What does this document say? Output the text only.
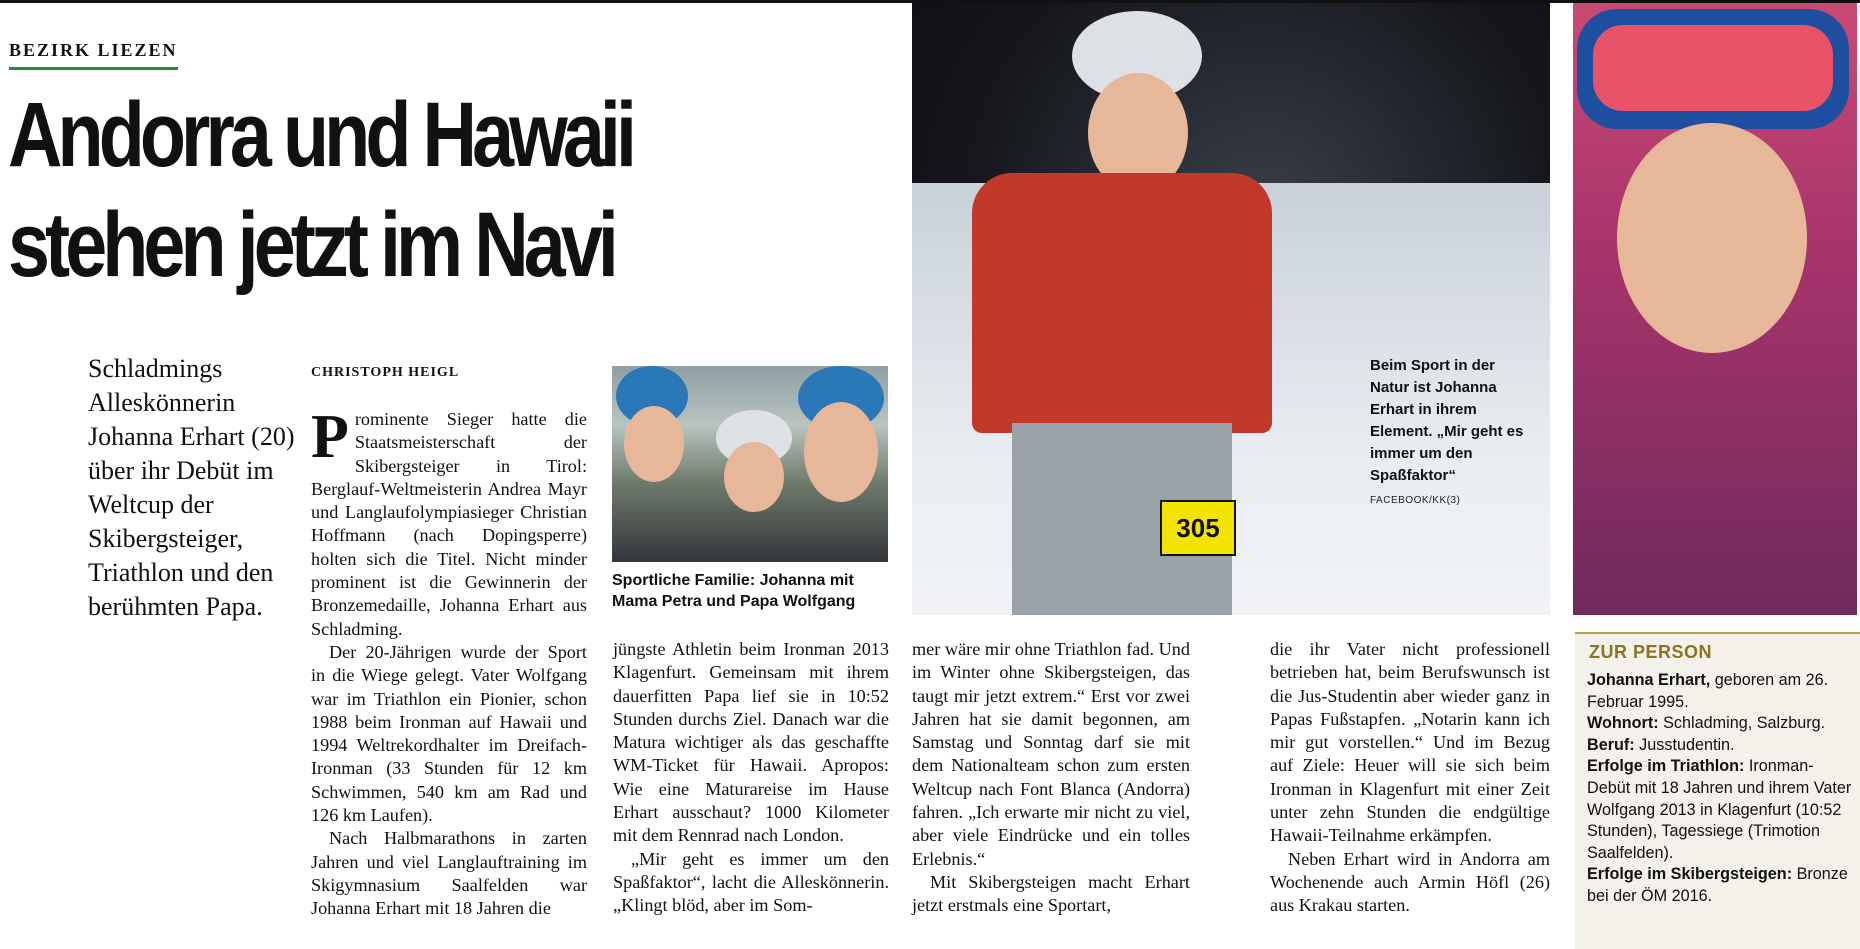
BEZIRK LIEZEN
Andorra und Hawaii
stehen jetzt im Navi
Schladmings Alleskönnerin Johanna Erhart (20) über ihr Debüt im Weltcup der Skibergsteiger, Triathlon und den berühmten Papa.
CHRISTOPH HEIGL

Prominente Sieger hatte die Staatsmeisterschaft der Skibergsteiger in Tirol: Berglauf-Weltmeisterin Andrea Mayr und Langlaufolympiasieger Christian Hoffmann (nach Dopingsperre) holten sich die Titel. Nicht minder prominent ist die Gewinnerin der Bronzemedaille, Johanna Erhart aus Schladming.

Der 20-Jährigen wurde der Sport in die Wiege gelegt. Vater Wolfgang war im Triathlon ein Pionier, schon 1988 beim Ironman auf Hawaii und 1994 Weltrekordhalter im Dreifach-Ironman (33 Stunden für 12 km Schwimmen, 540 km am Rad und 126 km Laufen).

Nach Halbmarathons in zarten Jahren und viel Langlauftraining im Skigymnasium Saalfelden war Johanna Erhart mit 18 Jahren die

Sportliche Familie: Johanna mit Mama Petra und Papa Wolfgang
305
Beim Sport in der Natur ist Johanna Erhart in ihrem Element. „Mir geht es immer um den Spaßfaktor“
FACEBOOK/KK(3)

jüngste Athletin beim Ironman 2013 Klagenfurt. Gemeinsam mit ihrem dauerfitten Papa lief sie in 10:52 Stunden durchs Ziel. Danach war die Matura wichtiger als das geschaffte WM-Ticket für Hawaii. Apropos: Wie eine Maturareise im Hause Erhart ausschaut? 1000 Kilometer mit dem Rennrad nach London.

„Mir geht es immer um den Spaßfaktor“, lacht die Alleskönnerin. „Klingt blöd, aber im Som-

mer wäre mir ohne Triathlon fad. Und im Winter ohne Skibergsteigen, das taugt mir jetzt extrem.“ Erst vor zwei Jahren hat sie damit begonnen, am Samstag und Sonntag darf sie mit dem Nationalteam schon zum ersten Weltcup nach Font Blanca (Andorra) fahren. „Ich erwarte mir nicht zu viel, aber viele Eindrücke und ein tolles Erlebnis.“

Mit Skibergsteigen macht Erhart jetzt erstmals eine Sportart,

die ihr Vater nicht professionell betrieben hat, beim Berufswunsch ist die Jus-Studentin aber wieder ganz in Papas Fußstapfen. „Notarin kann ich mir gut vorstellen.“ Und im Bezug auf Ziele: Heuer will sie sich beim Ironman in Klagenfurt mit einer Zeit unter zehn Stunden die endgültige Hawaii-Teilnahme erkämpfen.

Neben Erhart wird in Andorra am Wochenende auch Armin Höfl (26) aus Krakau starten.

ZUR PERSON

Johanna Erhart, geboren am 26. Februar 1995.

Wohnort: Schladming, Salzburg.

Beruf: Jusstudentin.

Erfolge im Triathlon: Ironman-Debüt mit 18 Jahren und ihrem Vater Wolfgang 2013 in Klagenfurt (10:52 Stunden), Tagessiege (Trimotion Saalfelden).

Erfolge im Skibergsteigen: Bronze bei der ÖM 2016.
